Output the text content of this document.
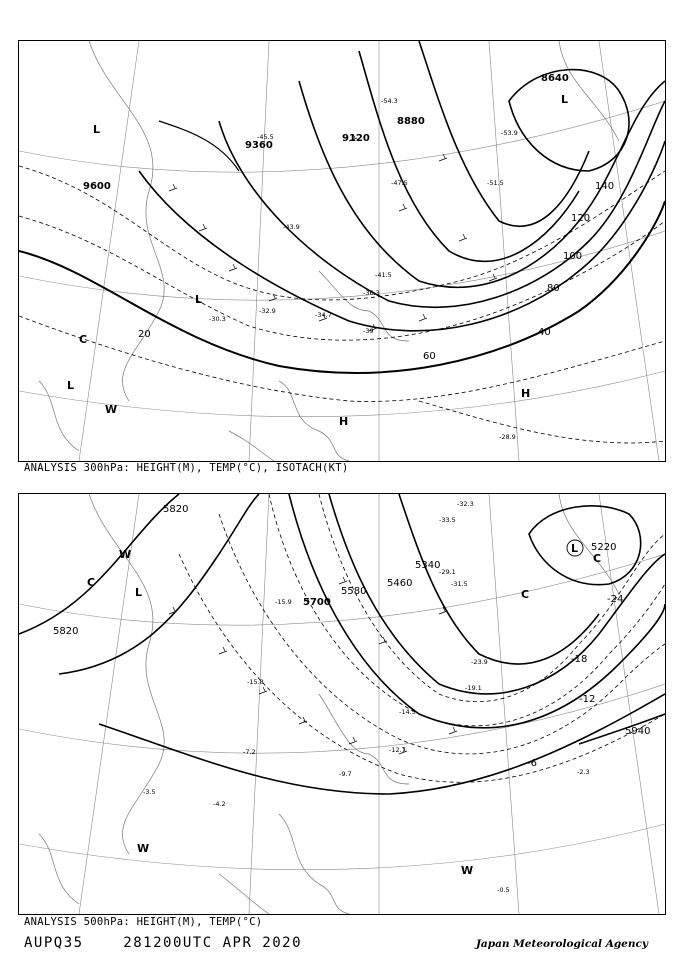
9600
9360
9120
8880
8640
20	40
60
80
100
120
140
-28.9
-34.7
-39
-41.5
-43.9
-45.5
-47.5	-51.5
-53.9
-54.3
-30.3
-32.9
-36.3
L
L
L
L
C
W
H
H
ANALYSIS 300hPa: HEIGHT(M), TEMP(°C), ISOTACH(KT)
5820
5820
5700
5580
5460
5340
5220
5940
-12
-18
-24
-6
-15.9
-15.8
-9.7
-12.7
-14.5
-19.1
-23.9
-29.1
-31.5
-33.5
-32.3
-7.2
-4.2
-3.5
-2.3
-0.5
W
C
L	C
C
W
W
L
ANALYSIS 500hPa: HEIGHT(M), TEMP(°C)
AUPQ35	281200UTC APR 2020	Japan Meteorological Agency
